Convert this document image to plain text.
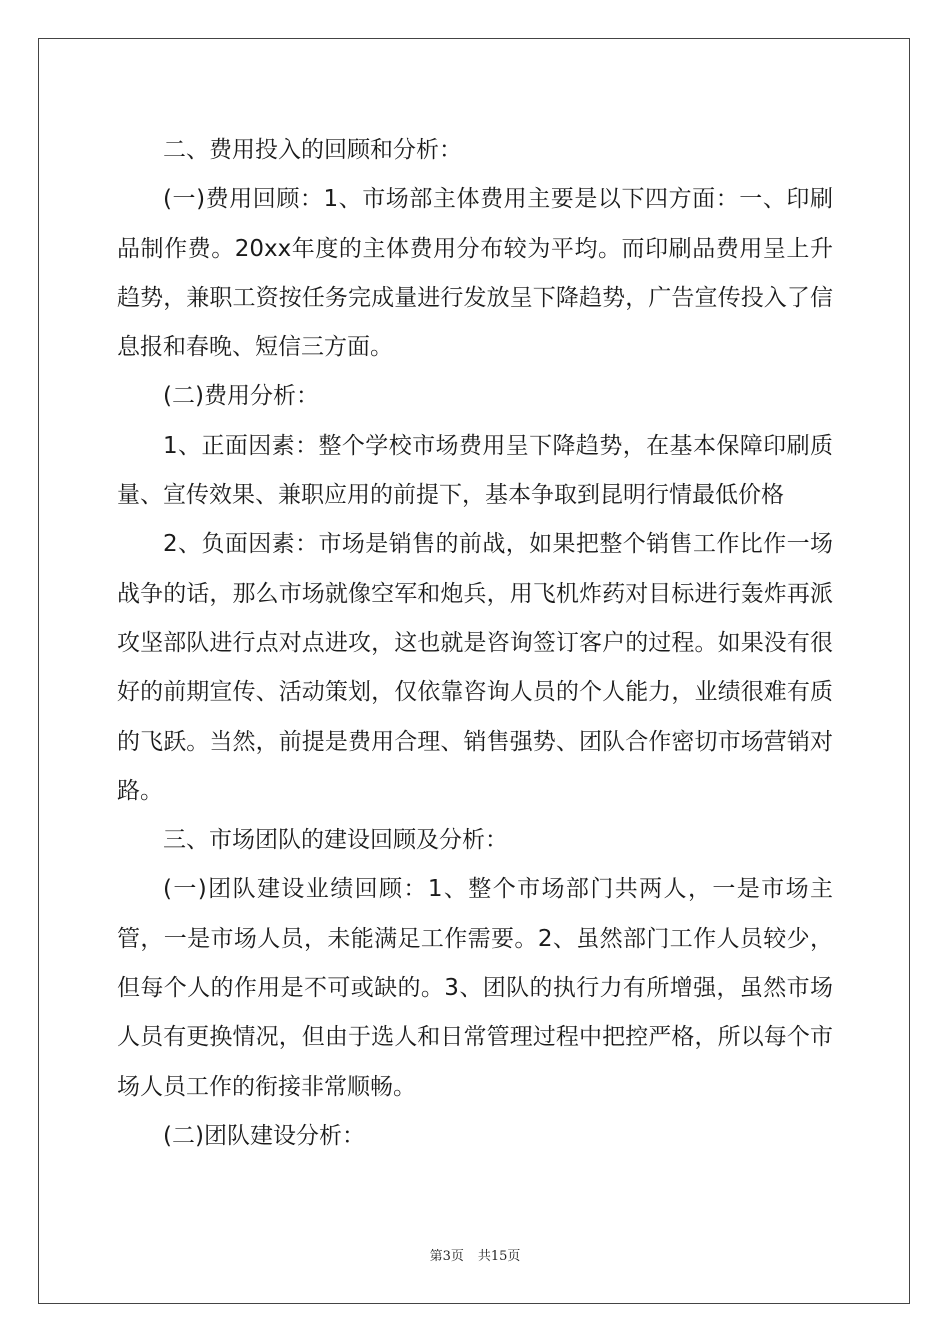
二、费用投入的回顾和分析：

(一)费用回顾：1、市场部主体费用主要是以下四方面：一、印刷品制作费。20xx年度的主体费用分布较为平均。而印刷品费用呈上升趋势，兼职工资按任务完成量进行发放呈下降趋势，广告宣传投入了信息报和春晚、短信三方面。

(二)费用分析：

1、正面因素：整个学校市场费用呈下降趋势，在基本保障印刷质量、宣传效果、兼职应用的前提下，基本争取到昆明行情最低价格

2、负面因素：市场是销售的前战，如果把整个销售工作比作一场战争的话，那么市场就像空军和炮兵，用飞机炸药对目标进行轰炸再派攻坚部队进行点对点进攻，这也就是咨询签订客户的过程。如果没有很好的前期宣传、活动策划，仅依靠咨询人员的个人能力，业绩很难有质的飞跃。当然，前提是费用合理、销售强势、团队合作密切市场营销对路。

三、市场团队的建设回顾及分析：

(一)团队建设业绩回顾：1、整个市场部门共两人，一是市场主管，一是市场人员，未能满足工作需要。2、虽然部门工作人员较少，但每个人的作用是不可或缺的。3、团队的执行力有所增强，虽然市场人员有更换情况，但由于选人和日常管理过程中把控严格，所以每个市场人员工作的衔接非常顺畅。

(二)团队建设分析：

第3页 共15页
